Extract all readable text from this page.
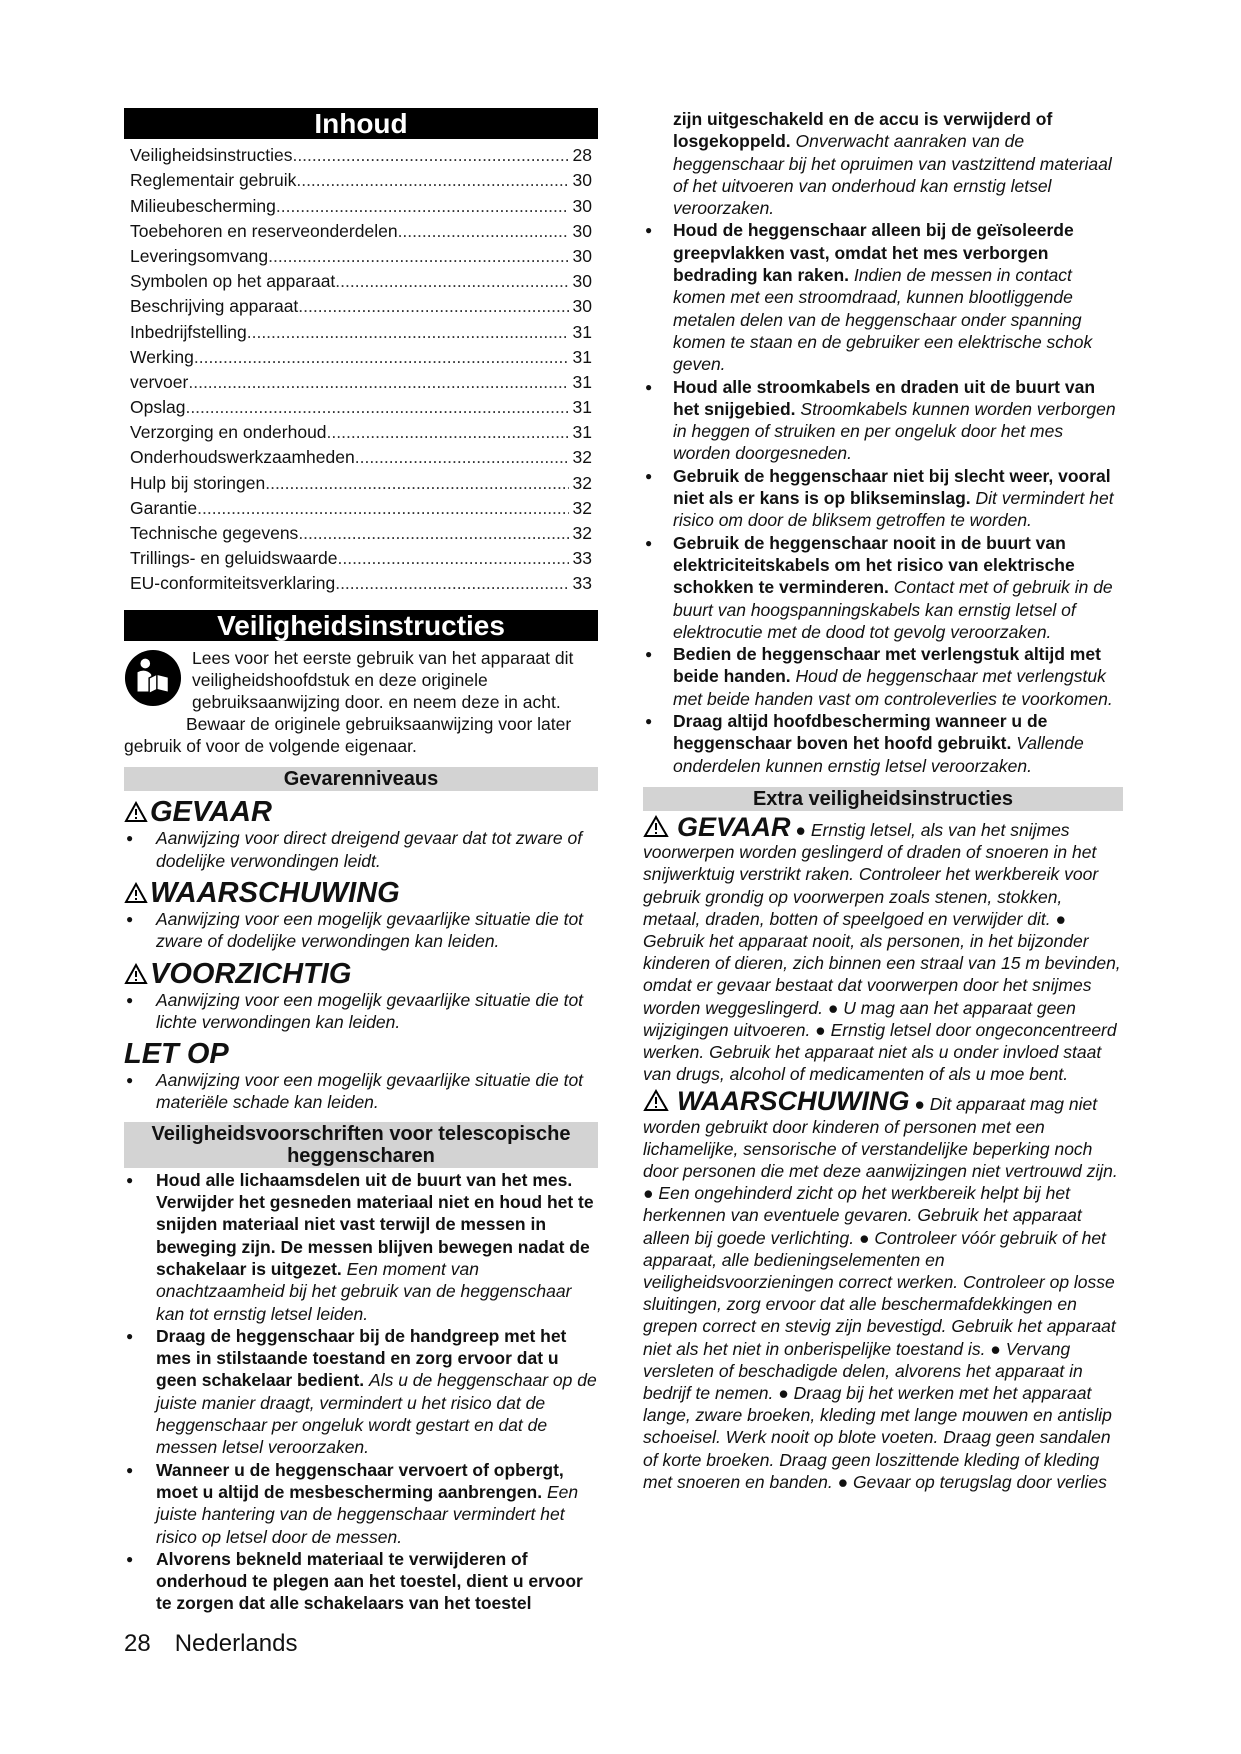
Inhoud
Veiligheidsinstructies .....	28
Reglementair gebruik .....	30
Milieubescherming .....	30
Toebehoren en reserveonderdelen .....	30
Leveringsomvang .....	30
Symbolen op het apparaat .....	30
Beschrijving apparaat .....	30
Inbedrijfstelling .....	31
Werking .....	31
vervoer .....	31
Opslag .....	31
Verzorging en onderhoud .....	31
Onderhoudswerkzaamheden .....	32
Hulp bij storingen .....	32
Garantie .....	32
Technische gegevens .....	32
Trillings- en geluidswaarde .....	33
EU-conformiteitsverklaring .....	33
Veiligheidsinstructies
Lees voor het eerste gebruik van het apparaat dit veiligheidshoofdstuk en deze originele gebruiksaanwijzing door. en neem deze in acht.
Bewaar de originele gebruiksaanwijzing voor later gebruik of voor de volgende eigenaar.
Gevarenniveaus
GEVAAR
● Aanwijzing voor direct dreigend gevaar dat tot zware of dodelijke verwondingen leidt.
WAARSCHUWING
● Aanwijzing voor een mogelijk gevaarlijke situatie die tot zware of dodelijke verwondingen kan leiden.
VOORZICHTIG
● Aanwijzing voor een mogelijk gevaarlijke situatie die tot lichte verwondingen kan leiden.
LET OP
● Aanwijzing voor een mogelijk gevaarlijke situatie die tot materiële schade kan leiden.
Veiligheidsvoorschriften voor telescopische heggenscharen
● Houd alle lichaamsdelen uit de buurt van het mes. Verwijder het gesneden materiaal niet en houd het te snijden materiaal niet vast terwijl de messen in beweging zijn. De messen blijven bewegen nadat de schakelaar is uitgezet. Een moment van onachtzaamheid bij het gebruik van de heggenschaar kan tot ernstig letsel leiden.
● Draag de heggenschaar bij de handgreep met het mes in stilstaande toestand en zorg ervoor dat u geen schakelaar bedient. Als u de heggenschaar op de juiste manier draagt, vermindert u het risico dat de heggenschaar per ongeluk wordt gestart en dat de messen letsel veroorzaken.
● Wanneer u de heggenschaar vervoert of opbergt, moet u altijd de mesbescherming aanbrengen. Een juiste hantering van de heggenschaar vermindert het risico op letsel door de messen.
● Alvorens bekneld materiaal te verwijderen of onderhoud te plegen aan het toestel, dient u ervoor te zorgen dat alle schakelaars van het toestel
zijn uitgeschakeld en de accu is verwijderd of losgekoppeld. Onverwacht aanraken van de heggenschaar bij het opruimen van vastzittend materiaal of het uitvoeren van onderhoud kan ernstig letsel veroorzaken.
● Houd de heggenschaar alleen bij de geïsoleerde greepvlakken vast, omdat het mes verborgen bedrading kan raken. Indien de messen in contact komen met een stroomdraad, kunnen blootliggende metalen delen van de heggenschaar onder spanning komen te staan en de gebruiker een elektrische schok geven.
● Houd alle stroomkabels en draden uit de buurt van het snijgebied. Stroomkabels kunnen worden verborgen in heggen of struiken en per ongeluk door het mes worden doorgesneden.
● Gebruik de heggenschaar niet bij slecht weer, vooral niet als er kans is op blikseminslag. Dit vermindert het risico om door de bliksem getroffen te worden.
● Gebruik de heggenschaar nooit in de buurt van elektriciteitskabels om het risico van elektrische schokken te verminderen. Contact met of gebruik in de buurt van hoogspanningskabels kan ernstig letsel of elektrocutie met de dood tot gevolg veroorzaken.
● Bedien de heggenschaar met verlengstuk altijd met beide handen. Houd de heggenschaar met verlengstuk met beide handen vast om controleverlies te voorkomen.
● Draag altijd hoofdbescherming wanneer u de heggenschaar boven het hoofd gebruikt. Vallende onderdelen kunnen ernstig letsel veroorzaken.
Extra veiligheidsinstructies
GEVAAR ● Ernstig letsel, als van het snijmes voorwerpen worden geslingerd of draden of snoeren in het snijwerktuig verstrikt raken. Controleer het werkbereik voor gebruik grondig op voorwerpen zoals stenen, stokken, metaal, draden, botten of speelgoed en verwijder dit. ● Gebruik het apparaat nooit, als personen, in het bijzonder kinderen of dieren, zich binnen een straal van 15 m bevinden, omdat er gevaar bestaat dat voorwerpen door het snijmes worden weggeslingerd. ● U mag aan het apparaat geen wijzigingen uitvoeren. ● Ernstig letsel door ongeconcentreerd werken. Gebruik het apparaat niet als u onder invloed staat van drugs, alcohol of medicamenten of als u moe bent.
WAARSCHUWING ● Dit apparaat mag niet worden gebruikt door kinderen of personen met een lichamelijke, sensorische of verstandelijke beperking noch door personen die met deze aanwijzingen niet vertrouwd zijn. ● Een ongehinderd zicht op het werkbereik helpt bij het herkennen van eventuele gevaren. Gebruik het apparaat alleen bij goede verlichting. ● Controleer vóór gebruik of het apparaat, alle bedieningselementen en veiligheidsvoorzieningen correct werken. Controleer op losse sluitingen, zorg ervoor dat alle beschermafdekkingen en grepen correct en stevig zijn bevestigd. Gebruik het apparaat niet als het niet in onberispelijke toestand is. ● Vervang versleten of beschadigde delen, alvorens het apparaat in bedrijf te nemen. ● Draag bij het werken met het apparaat lange, zware broeken, kleding met lange mouwen en antislip schoeisel. Werk nooit op blote voeten. Draag geen sandalen of korte broeken. Draag geen loszittende kleding of kleding met snoeren en banden. ● Gevaar op terugslag door verlies
28 Nederlands
